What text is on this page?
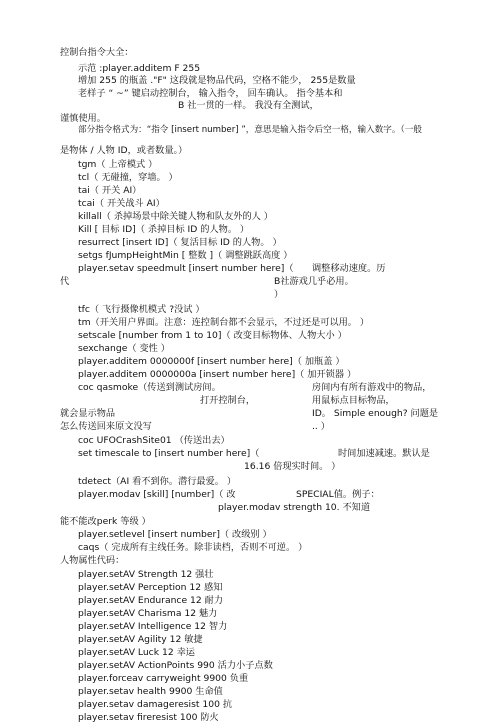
控制台指令大全：
示范 :player.additem F 255
增加 255 的瓶盖 ."F" 这段就是物品代码，空格不能少， 255是数量
老样子 “ ~” 键启动控制台， 输入指令， 回车确认。 指令基本和
B 社一贯的一样。 我没有全测试，
谨慎使用。
部分指令格式为：“指令 [insert number] ”，意思是输入指令后空一格，输入数字。（一般
是物体 / 人物 ID，或者数量。）
tgm（ 上帝模式 ）
tcl（ 无碰撞，穿墙。 ）
tai（ 开关 AI）
tcai（ 开关战斗 AI）
killall（ 杀掉场景中除关键人物和队友外的人 ）
Kill [ 目标 ID]（ 杀掉目标 ID 的人物。 ）
resurrect [insert ID]（ 复活目标 ID 的人物。 ）
setgs fJumpHeightMin [ 整数 ]（ 调整跳跃高度 ）
player.setav speedmult [insert number here]（ 调整移动速度。历
代	B社游戏几乎必用。
）
tfc（ 飞行摄像机模式 ?没试 ）
tm（开关用户界面。注意：连控制台都不会显示，不过还是可以用。 ）
setscale [number from 1 to 10]（ 改变目标物体、人物大小 ）
sexchange（ 变性 ）
player.additem 0000000f [insert number here]（ 加瓶盖 ）
player.additem 0000000a [insert number here]（ 加开锁器 ）
coc qasmoke（传送到测试房间。	房间内有所有游戏中的物品，
打开控制台，	用鼠标点目标物品，
就会显示物品	ID。 Simple enough? 问题是
怎么传送回来原文没写	.. ）
coc UFOCrashSite01 （传送出去）
set timescale to [insert number here]（	时间加速减速。默认是
16.16 倍现实时间。 ）
tdetect（AI 看不到你。潜行最爱。 ）
player.modav [skill] [number]（ 改	SPECIAL值。例子：
player.modav strength 10. 不知道
能不能改perk 等级 ）
player.setlevel [insert number]（ 改级别 ）
caqs（ 完成所有主线任务。除非读档，否则不可逆。 ）
人物属性代码：
player.setAV Strength 12 强壮
player.setAV Perception 12 感知
player.setAV Endurance 12 耐力
player.setAV Charisma 12 魅力
player.setAV Intelligence 12 智力
player.setAV Agility 12 敏捷
player.setAV Luck 12 幸运
player.setAV ActionPoints 990 活力小子点数
player.forceav carryweight 9900 负重
player.setav health 9900 生命值
player.setav damageresist 100 抗
player.setav fireresist 100 防火
